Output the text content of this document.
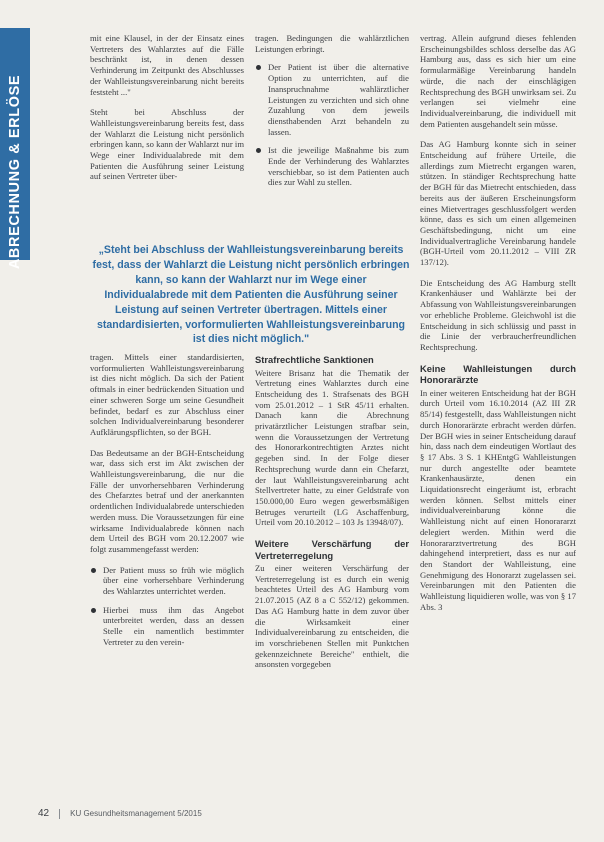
ABRECHNUNG & ERLÖSE

mit eine Klausel, in der der Einsatz eines Vertreters des Wahlarztes auf die Fälle beschränkt ist, in denen dessen Verhinderung im Zeitpunkt des Abschlusses der Wahlleistungsvereinbarung nicht bereits feststeht ..."

Steht bei Abschluss der Wahlleistungsvereinbarung bereits fest, dass der Wahlarzt die Leistung nicht persönlich erbringen kann, so kann der Wahlarzt nur im Wege einer Individualabrede mit dem Patienten die Ausführung seiner Leistung auf seinen Vertreter über-

tragen. Bedingungen die wahlärztlichen Leistungen erbringt.

Der Patient ist über die alternative Option zu unterrichten, auf die Inanspruchnahme wahlärztlicher Leistungen zu verzichten und sich ohne Zuzahlung von dem jeweils diensthabenden Arzt behandeln zu lassen.
Ist die jeweilige Maßnahme bis zum Ende der Verhinderung des Wahlarztes verschiebbar, so ist dem Patienten auch dies zur Wahl zu stellen.

vertrag. Allein aufgrund dieses fehlenden Erscheinungsbildes schloss derselbe das AG Hamburg aus, dass es sich hier um eine formularmäßige Vereinbarung handeln würde, die nach der einschlägigen Rechtsprechung des BGH unwirksam sei. Zu verlangen sei vielmehr eine Individualvereinbarung, die individuell mit dem Patienten ausgehandelt sein müsse.

Das AG Hamburg konnte sich in seiner Entscheidung auf frühere Urteile, die allerdings zum Mietrecht ergangen waren, stützen. In ständiger Rechtsprechung hatte der BGH für das Mietrecht entschieden, dass bereits aus der äußeren Erscheinungsform eines Mietvertrages geschlussfolgert werden könne, dass es sich um einen allgemeinen Geschäftsbedingung, nicht um eine Individualvertragliche Vereinbarung handele (BGH-Urteil vom 20.11.2012 – VIII ZR 137/12).

Die Entscheidung des AG Hamburg stellt Krankenhäuser und Wahlärzte bei der Abfassung von Wahlleistungsvereinbarungen vor erhebliche Probleme. Gleichwohl ist die Entscheidung in sich schlüssig und passt in die Linie der verbraucherfreundlichen Rechtsprechung.

Keine Wahlleistungen durch Honorarärzte

In einer weiteren Entscheidung hat der BGH durch Urteil vom 16.10.2014 (AZ III ZR 85/14) festgestellt, dass Wahlleistungen nicht durch Honorarärzte erbracht werden dürfen. Der BGH wies in seiner Entscheidung darauf hin, dass nach dem eindeutigen Wortlaut des § 17 Abs. 3 S. 1 KHEntgG Wahlleistungen nur durch angestellte oder beamtete Krankenhausärzte, denen ein Liquidationsrecht eingeräumt ist, erbracht werden können. Selbst mittels einer individualvereinbarung könne die Wahlleistung nicht auf einen Honorararzt delegiert werden. Mithin werd die Honorararztvertretung des BGH dahingehend interpretiert, dass es nur auf den Standort der Wahlleistung, eine Genehmigung des Honorarzt zugelassen sei. Vereinbarungen mit den Patienten die Wahlleistung liquidieren wolle, was von § 17 Abs. 3

„Steht bei Abschluss der Wahlleistungsvereinbarung bereits fest, dass der Wahlarzt die Leistung nicht persönlich erbringen kann, so kann der Wahlarzt nur im Wege einer Individualabrede mit dem Patienten die Ausführung seiner Leistung auf seinen Vertreter übertragen. Mittels einer standardisierten, vorformulierten Wahlleistungsvereinbarung ist dies nicht möglich."

tragen. Mittels einer standardisierten, vorformulierten Wahlleistungsvereinbarung ist dies nicht möglich. Da sich der Patient oftmals in einer bedrückenden Situation und einer schweren Sorge um seine Gesundheit befindet, bedarf es zur Abschluss einer solchen Individualvereinbarung besonderer Aufklärungspflichten, so der BGH.

Das Bedeutsame an der BGH-Entscheidung war, dass sich erst im Akt zwischen der Wahlleistungsvereinbarung, die nur die Fälle der unvorhersehbaren Verhinderung des Chefarztes betraf und der anerkannten ordentlichen Individualabrede unterschieden werden muss. Die Voraussetzungen für eine wirksame Individualabrede können nach dem Urteil des BGH vom 20.12.2007 wie folgt zusammengefasst werden:

Der Patient muss so früh wie möglich über eine vorhersehbare Verhinderung des Wahlarztes unterrichtet werden.
Hierbei muss ihm das Angebot unterbreitet werden, dass an dessen Stelle ein namentlich bestimmter Vertreter zu den verein-
Strafrechtliche Sanktionen

Weitere Brisanz hat die Thematik der Vertretung eines Wahlarztes durch eine Entscheidung des 1. Strafsenats des BGH vom 25.01.2012 – 1 StR 45/11 erhalten. Danach kann die Abrechnung privatärztlicher Leistungen strafbar sein, wenn die Voraussetzungen der Vertretung des Honorarkontrechtigten Arztes nicht gegeben sind. In der Folge dieser Rechtsprechung wurde dann ein Chefarzt, der laut Wahlleistungsvereinbarung acht Stellvertreter hatte, zu einer Geldstrafe von 150.000,00 Euro wegen gewerbsmäßigen Betruges verurteilt (LG Aschaffenburg, Urteil vom 20.10.2012 – 103 Js 13948/07).

Weitere Verschärfung der Vertreterregelung

Zu einer weiteren Verschärfung der Vertreterregelung ist es durch ein wenig beachtetes Urteil des AG Hamburg vom 21.07.2015 (AZ 8 a C 552/12) gekommen. Das AG Hamburg hatte in dem zuvor über die Wirksamkeit einer Individualvereinbarung zu entscheiden, die im vorschriebenen Stellen mit Punktchen gekennzeichnete Bereiche" enthielt, die ansonsten vorgegeben

42	KU Gesundheitsmanagement 5/2015
